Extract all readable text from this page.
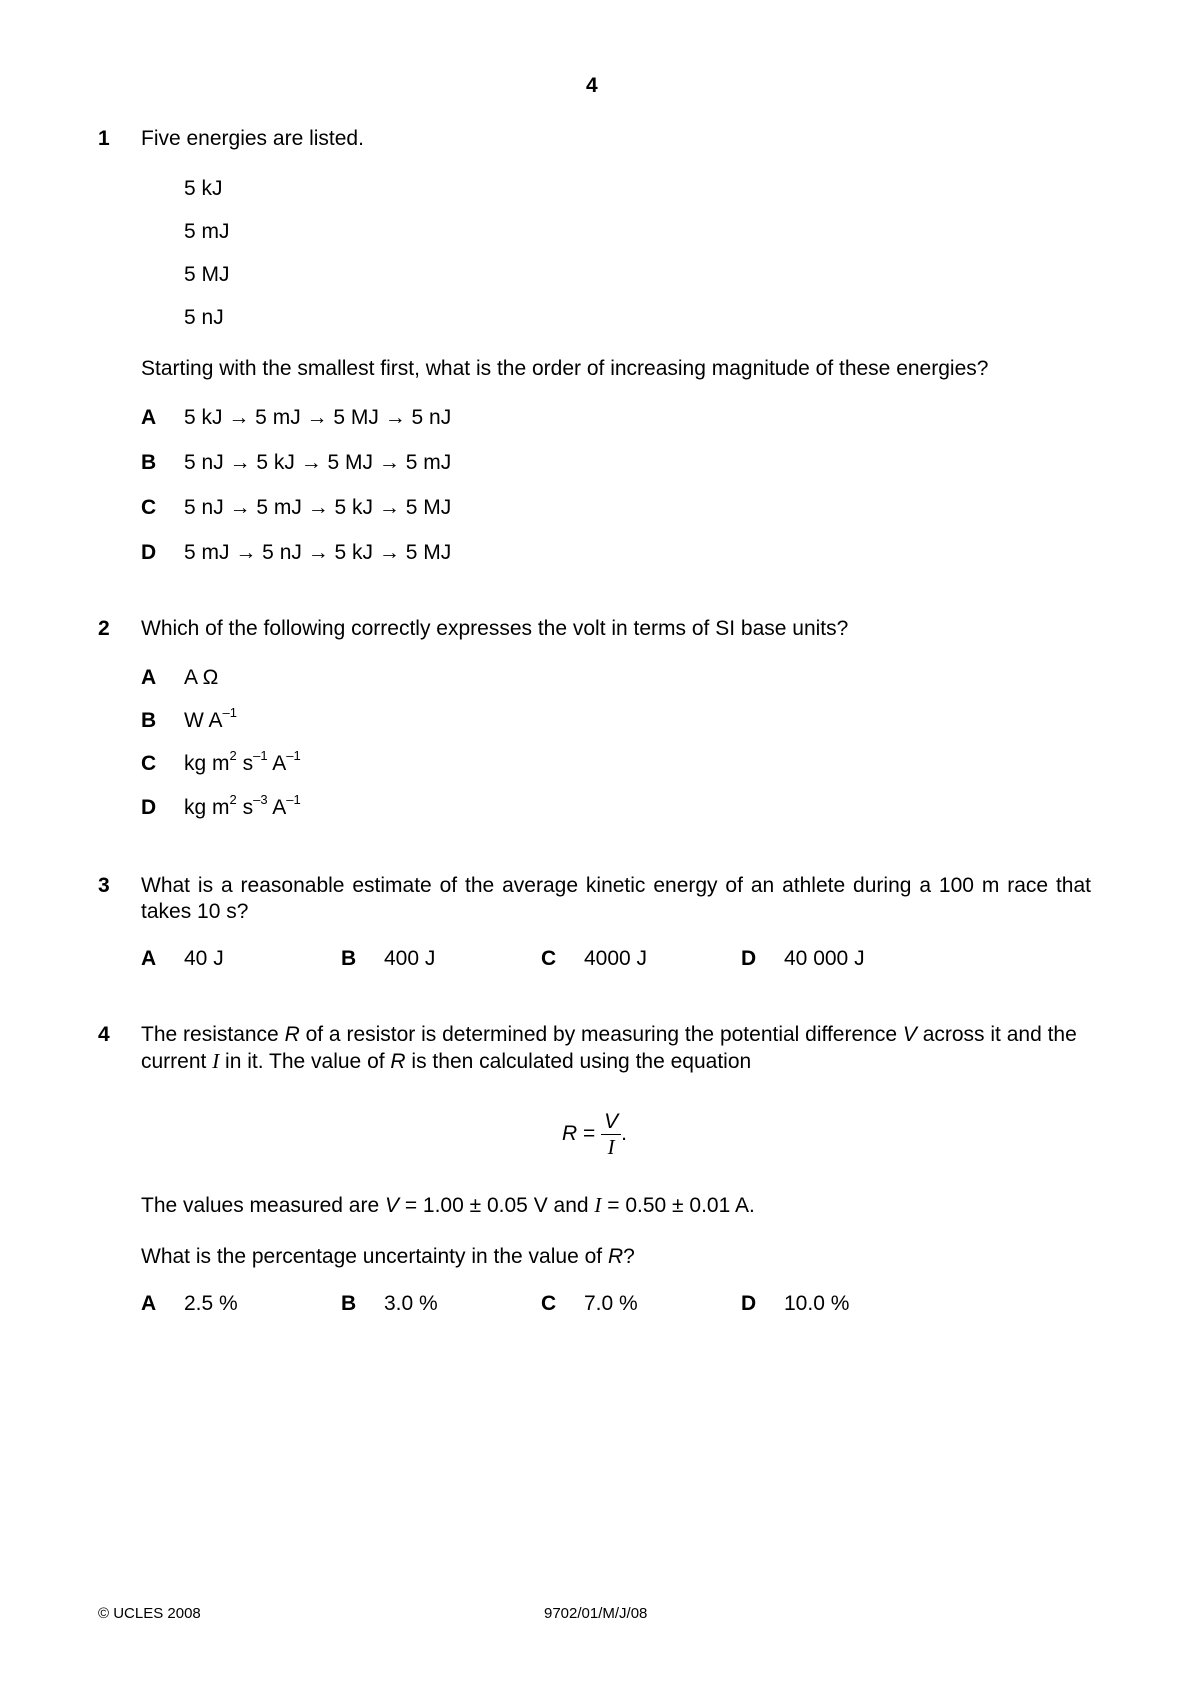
4
1 Five energies are listed.
5 kJ
5 mJ
5 MJ
5 nJ
Starting with the smallest first, what is the order of increasing magnitude of these energies?
A 5 kJ → 5 mJ → 5 MJ → 5 nJ
B 5 nJ → 5 kJ → 5 MJ → 5 mJ
C 5 nJ → 5 mJ → 5 kJ → 5 MJ
D 5 mJ → 5 nJ → 5 kJ → 5 MJ
2 Which of the following correctly expresses the volt in terms of SI base units?
A A Ω
B W $A^{-1}$
C kg $m^2$ $s^{-1}$ $A^{-1}$
D kg $m^2$ $s^{-3}$ $A^{-1}$
3 What is a reasonable estimate of the average kinetic energy of an athlete during a 100 m race that takes 10 s?
A 40 J	B 400 J	C 4000 J	D 40 000 J
4 The resistance R of a resistor is determined by measuring the potential difference V across it and the current I in it. The value of R is then calculated using the equation
$R = \frac{V}{I}$ .
The values measured are V = 1.00 ± 0.05 V and I = 0.50 ± 0.01 A.
What is the percentage uncertainty in the value of R?
A 2.5 %	B 3.0 %	C 7.0 %	D 10.0 %
© UCLES 2008	9702/01/M/J/08
